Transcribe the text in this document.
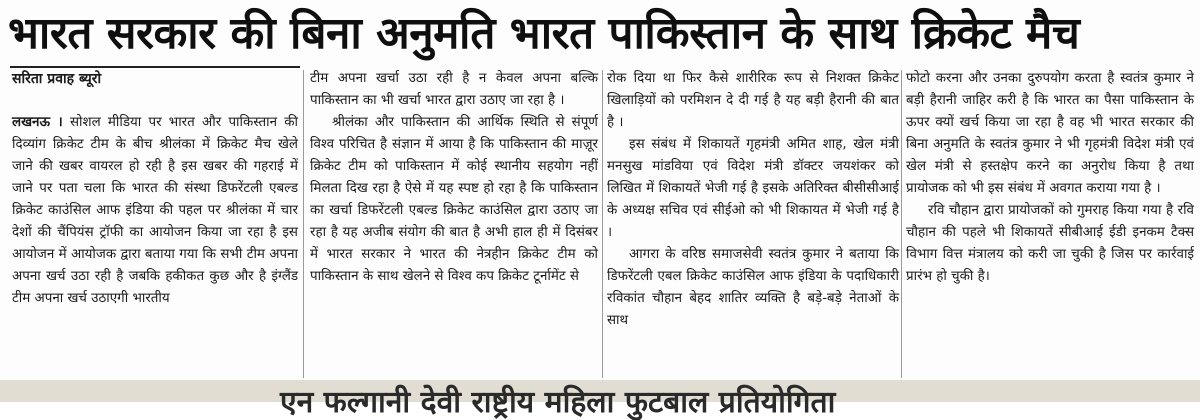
भारत सरकार की बिना अनुमति भारत पाकिस्तान के साथ क्रिकेट मैच

सरिता प्रवाह ब्यूरो

लखनऊ । सोशल मीडिया पर भारत और पाकिस्तान की दिव्यांग क्रिकेट टीम के बीच श्रीलंका में क्रिकेट मैच खेले जाने की खबर वायरल हो रही है इस खबर की गहराई में जाने पर पता चला कि भारत की संस्था डिफरेंटली एबल्ड क्रिकेट काउंसिल आफ इंडिया की पहल पर श्रीलंका में चार देशों की चैंपियंस ट्रॉफी का आयोजन किया जा रहा है इस आयोजन में आयोजक द्वारा बताया गया कि सभी टीम अपना अपना खर्च उठा रही है जबकि हकीकत कुछ और है इंग्लैंड टीम अपना खर्च उठाएगी भारतीय

टीम अपना खर्चा उठा रही है न केवल अपना बल्कि पाकिस्तान का भी खर्चा भारत द्वारा उठाए जा रहा है ।

श्रीलंका और पाकिस्तान की आर्थिक स्थिति से संपूर्ण विश्व परिचित है संज्ञान में आया है कि पाकिस्तान की माज़ूर क्रिकेट टीम को पाकिस्तान में कोई स्थानीय सहयोग नहीं मिलता दिख रहा है ऐसे में यह स्पष्ट हो रहा है कि पाकिस्तान का खर्चा डिफरेंटली एबल्ड क्रिकेट काउंसिल द्वारा उठाए जा रहा है यह अजीब संयोग की बात है अभी हाल ही में दिसंबर में भारत सरकार ने भारत की नेत्रहीन क्रिकेट टीम को पाकिस्तान के साथ खेलने से विश्व कप क्रिकेट टूर्नामेंट से

रोक दिया था फिर कैसे शारीरिक रूप से निशक्त क्रिकेट खिलाड़ियों को परमिशन दे दी गई है यह बड़ी हैरानी की बात है ।

इस संबंध में शिकायतें गृहमंत्री अमित शाह, खेल मंत्री मनसुख मांडविया एवं विदेश मंत्री डॉक्टर जयशंकर को लिखित में शिकायतें भेजी गई है इसके अतिरिक्त बीसीसीआई के अध्यक्ष सचिव एवं सीईओ को भी शिकायत में भेजी गई है ।

आगरा के वरिष्ठ समाजसेवी स्वतंत्र कुमार ने बताया कि डिफरेंटली एबल क्रिकेट काउंसिल आफ इंडिया के पदाधिकारी रविकांत चौहान बेहद शातिर व्यक्ति है बड़े-बड़े नेताओं के साथ

फोटो करना और उनका दुरुपयोग करता है स्वतंत्र कुमार ने बड़ी हैरानी जाहिर करी है कि भारत का पैसा पाकिस्तान के ऊपर क्यों खर्च किया जा रहा है वह भी भारत सरकार की बिना अनुमति के स्वतंत्र कुमार ने भी गृहमंत्री विदेश मंत्री एवं खेल मंत्री से हस्तक्षेप करने का अनुरोध किया है तथा प्रायोजक को भी इस संबंध में अवगत कराया गया है ।

रवि चौहान द्वारा प्रायोजकों को गुमराह किया गया है रवि चौहान की पहले भी शिकायतें सीबीआई ईडी इनकम टैक्स विभाग वित्त मंत्रालय को करी जा चुकी है जिस पर कार्रवाई प्रारंभ हो चुकी है।

एन फल्गानी देवी राष्ट्रीय महिला फुटबाल प्रतियोगिता
